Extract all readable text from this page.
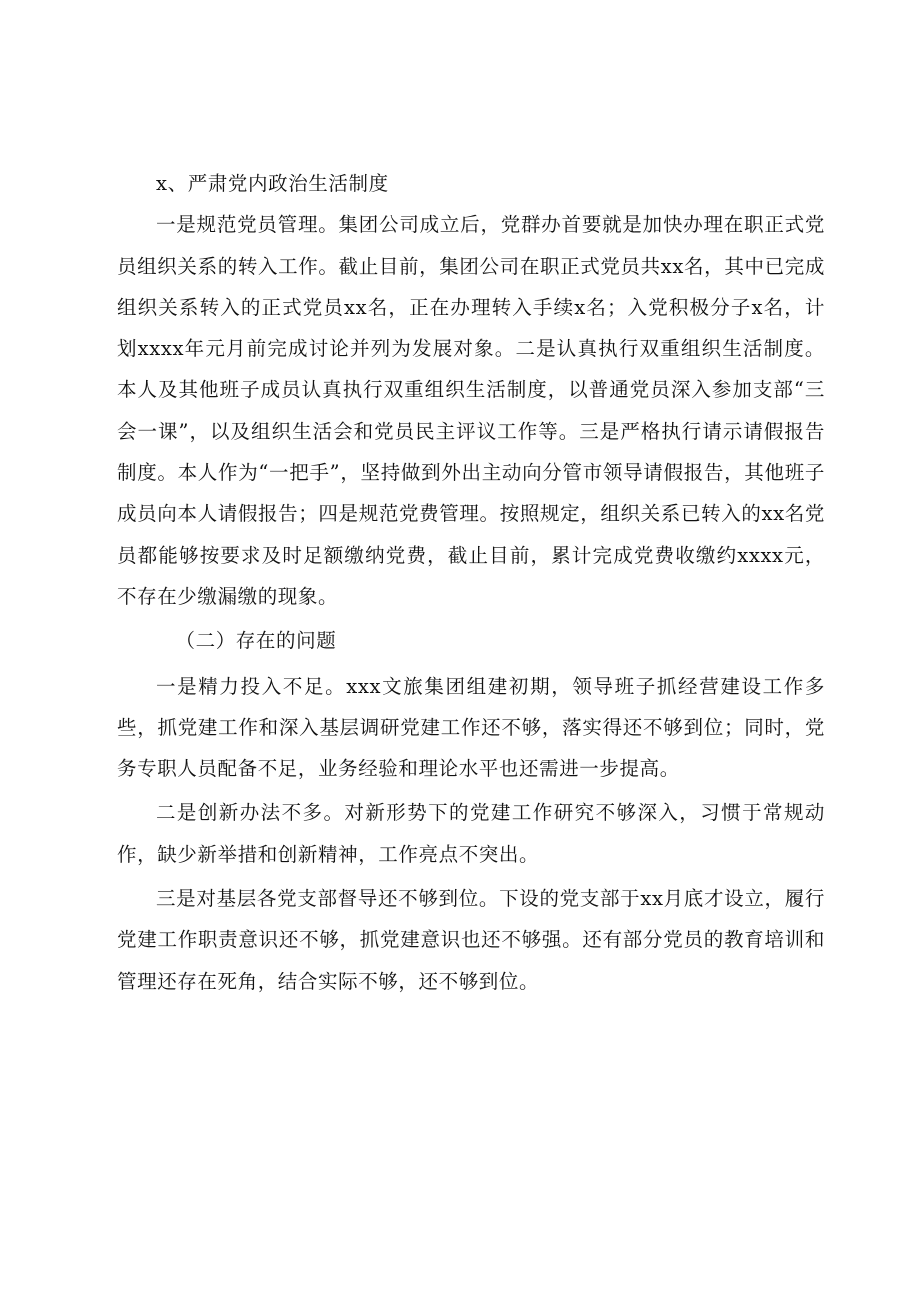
x、严肃党内政治生活制度

一是规范党员管理。集团公司成立后，党群办首要就是加快办理在职正式党员组织关系的转入工作。截止目前，集团公司在职正式党员共xx名，其中已完成组织关系转入的正式党员xx名，正在办理转入手续x名；入党积极分子x名，计划xxxx年元月前完成讨论并列为发展对象。二是认真执行双重组织生活制度。本人及其他班子成员认真执行双重组织生活制度，以普通党员深入参加支部“三会一课”，以及组织生活会和党员民主评议工作等。三是严格执行请示请假报告制度。本人作为“一把手”，坚持做到外出主动向分管市领导请假报告，其他班子成员向本人请假报告；四是规范党费管理。按照规定，组织关系已转入的xx名党员都能够按要求及时足额缴纳党费，截止目前，累计完成党费收缴约xxxx元，不存在少缴漏缴的现象。

（二）存在的问题

一是精力投入不足。xxx文旅集团组建初期，领导班子抓经营建设工作多些，抓党建工作和深入基层调研党建工作还不够，落实得还不够到位；同时，党务专职人员配备不足，业务经验和理论水平也还需进一步提高。

二是创新办法不多。对新形势下的党建工作研究不够深入，习惯于常规动作，缺少新举措和创新精神，工作亮点不突出。

三是对基层各党支部督导还不够到位。下设的党支部于xx月底才设立，履行党建工作职责意识还不够，抓党建意识也还不够强。还有部分党员的教育培训和管理还存在死角，结合实际不够，还不够到位。
